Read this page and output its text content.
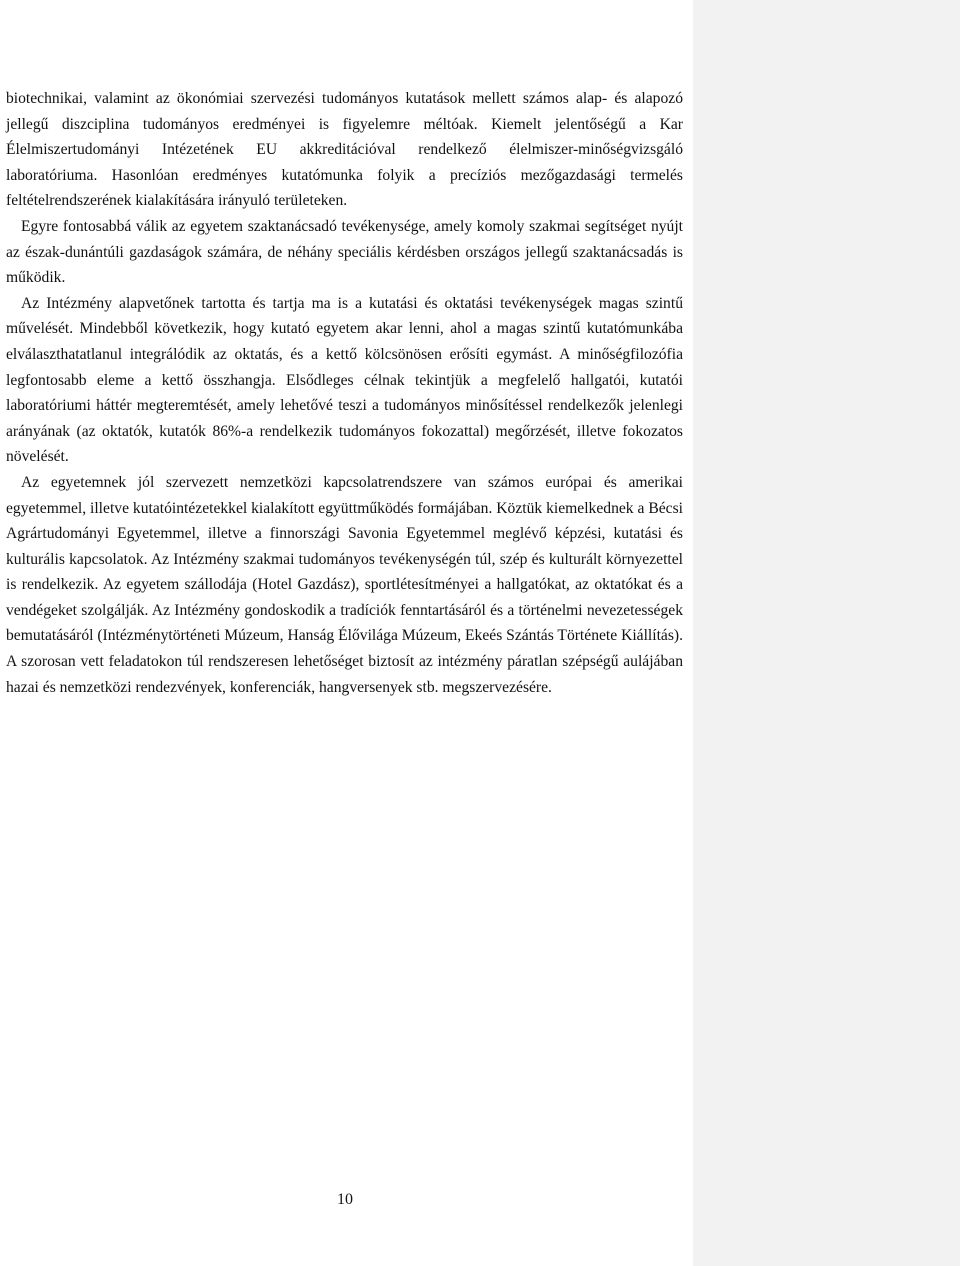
biotechnikai, valamint az ökonómiai szervezési tudományos kutatások mellett számos alap- és alapozó jellegű diszciplina tudományos eredményei is figyelemre méltóak. Kiemelt jelentőségű a Kar Élelmiszertudományi Intézetének EU akkreditációval rendelkező élelmiszer-minőségvizsgáló laboratóriuma. Hasonlóan eredményes kutatómunka folyik a precíziós mezőgazdasági termelés feltételrendszerének kialakítására irányuló területeken.

Egyre fontosabbá válik az egyetem szaktanácsadó tevékenysége, amely komoly szakmai segítséget nyújt az észak-dunántúli gazdaságok számára, de néhány speciális kérdésben országos jellegű szaktanácsadás is működik.

Az Intézmény alapvetőnek tartotta és tartja ma is a kutatási és oktatási tevékenységek magas szintű művelését. Mindebből következik, hogy kutató egyetem akar lenni, ahol a magas szintű kutatómunkába elválaszthatatlanul integrálódik az oktatás, és a kettő kölcsönösen erősíti egymást. A minőségfilozófia legfontosabb eleme a kettő összhangja. Elsődleges célnak tekintjük a megfelelő hallgatói, kutatói laboratóriumi háttér megteremtését, amely lehetővé teszi a tudományos minősítéssel rendelkezők jelenlegi arányának (az oktatók, kutatók 86%-a rendelkezik tudományos fokozattal) megőrzését, illetve fokozatos növelését.

Az egyetemnek jól szervezett nemzetközi kapcsolatrendszere van számos európai és amerikai egyetemmel, illetve kutatóintézetekkel kialakított együttműködés formájában. Köztük kiemelkednek a Bécsi Agrártudományi Egyetemmel, illetve a finnországi Savonia Egyetemmel meglévő képzési, kutatási és kulturális kapcsolatok. Az Intézmény szakmai tudományos tevékenységén túl, szép és kulturált környezettel is rendelkezik. Az egyetem szállodája (Hotel Gazdász), sportlétesítményei a hallgatókat, az oktatókat és a vendégeket szolgálják. Az Intézmény gondoskodik a tradíciók fenntartásáról és a történelmi nevezetességek bemutatásáról (Intézménytörténeti Múzeum, Hanság Élővilága Múzeum, Ekeés Szántás Története Kiállítás). A szorosan vett feladatokon túl rendszeresen lehetőséget biztosít az intézmény páratlan szépségű aulájában hazai és nemzetközi rendezvények, konferenciák, hangversenyek stb. megszervezésére.

10
